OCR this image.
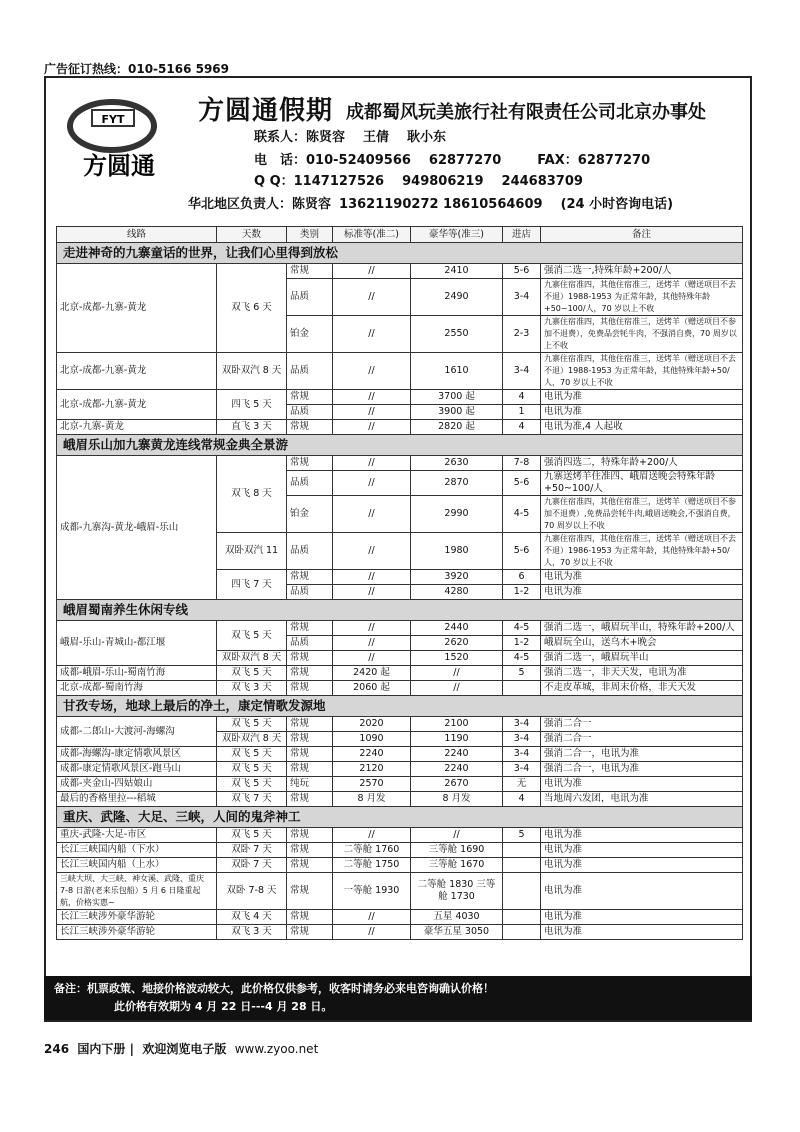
广告征订热线：010-5166 5969
FYT
方圆通
方圆通假期 成都蜀风玩美旅行社有限责任公司北京办事处
联系人：陈贤容 王倩 耿小东
电　话：010-52409566 62877270	FAX：62877270
Q Q：1147127526 949806219 244683709
华北地区负责人：陈贤容 13621190272 18610564609 (24 小时咨询电话)
线路	天数	类别	标准等(准二)	豪华等(准三)	进店	备注
走进神奇的九寨童话的世界，让我们心里得到放松						
北京-成都-九寨-黄龙	双飞 6 天	常规	//	2410	5-6	强消二选一,特殊年龄+200/人
		品质	//	2490	3-4	九寨住宿准四，其他住宿准三，送烤羊（赠送项目不去不退）1988-1953 为正常年龄，其他特殊年龄+50~100/人，70 岁以上不收
		铂金	//	2550	2-3	九寨住宿准四，其他住宿准三，送烤羊（赠送项目不参加不退费），免费品尝牦牛肉，不强消自费，70 周岁以上不收
北京-成都-九寨-黄龙	双卧双汽 8 天	品质	//	1610	3-4	九寨住宿准四，其他住宿准三，送烤羊（赠送项目不去不退）1988-1953 为正常年龄，其他特殊年龄+50/人，70 岁以上不收
北京-成都-九寨-黄龙	四飞 5 天	常规	//	3700 起	4	电讯为准
		品质	//	3900 起	1	电讯为准
北京-九寨-黄龙	直飞 3 天	常规	//	2820 起	4	电讯为准,4 人起收
峨眉乐山加九寨黄龙连线常规金典全景游						
成都-九寨沟-黄龙-峨眉-乐山	双飞 8 天	常规	//	2630	7-8	强消四选二，特殊年龄+200/人
		品质	//	2870	5-6	九寨送烤羊住准四、峨眉送晚会特殊年龄+50~100/人
		铂金	//	2990	4-5	九寨住宿准四，其他住宿准三，送烤羊（赠送项目不参加不退费）,免费品尝牦牛肉,峨眉送晚会,不强消自费，70 周岁以上不收
	双卧双汽 11	品质	//	1980	5-6	九寨住宿准四，其他住宿准三，送烤羊（赠送项目不去不退）1986-1953 为正常年龄，其他特殊年龄+50/人，70 岁以上不收
	四飞 7 天	常规	//	3920	6	电讯为准
		品质	//	4280	1-2	电讯为准
峨眉蜀南养生休闲专线						
峨眉-乐山-青城山-都江堰	双飞 5 天	常规	//	2440	4-5	强消二选一，峨眉玩半山，特殊年龄+200/人
		品质	//	2620	1-2	峨眉玩全山，送乌木+晚会
	双卧双汽 8 天	常规	//	1520	4-5	强消二选一，峨眉玩半山
成都-峨眉-乐山-蜀南竹海	双飞 5 天	常规	2420 起	//	5	强消二选一，非天天发，电讯为准
北京-成都-蜀南竹海	双飞 3 天	常规	2060 起	//		不走皮革城，非周末价格，非天天发
甘孜专场，地球上最后的净土，康定情歌发源地						
成都-二郎山-大渡河-海螺沟	双飞 5 天	常规	2020	2100	3-4	强消二合一
	双卧双汽 8 天	常规	1090	1190	3-4	强消二合一
成都-海螺沟-康定情歌风景区	双飞 5 天	常规	2240	2240	3-4	强消二合一，电讯为准
成都-康定情歌风景区-跑马山	双飞 5 天	常规	2120	2240	3-4	强消二合一，电讯为准
成都-夹金山-四姑娘山	双飞 5 天	纯玩	2570	2670	无	电讯为准
最后的香格里拉---稻城	双飞 7 天	常规	8 月发	8 月发	4	当地周六发团，电讯为准
重庆、武隆、大足、三峡，人间的鬼斧神工						
重庆-武隆-大足-市区	双飞 5 天	常规	//	//	5	电讯为准
长江三峡国内船（下水）	双卧 7 天	常规	二等舱 1760	三等舱 1690		电讯为准
长江三峡国内船（上水）	双卧 7 天	常规	二等舱 1750	三等舱 1670		电讯为准
三峡大坝、大三峡、神女溪、武隆、重庆 7-8 日游(老来乐包船）5 月 6 日隆重起航，价格实惠~	双卧 7-8 天	常规	一等舱 1930	二等舱 1830 三等舱 1730		电讯为准
长江三峡涉外豪华游轮	双飞 4 天	常规	//	五星 4030		电讯为准
长江三峡涉外豪华游轮	双飞 3 天	常规	//	豪华五星 3050		电讯为准
备注：机票政策、地接价格波动较大，此价格仅供参考，收客时请务必来电咨询确认价格！
此价格有效期为 4 月 22 日---4 月 28 日。
246 国内下册 |  欢迎浏览电子版 www.zyoo.net
